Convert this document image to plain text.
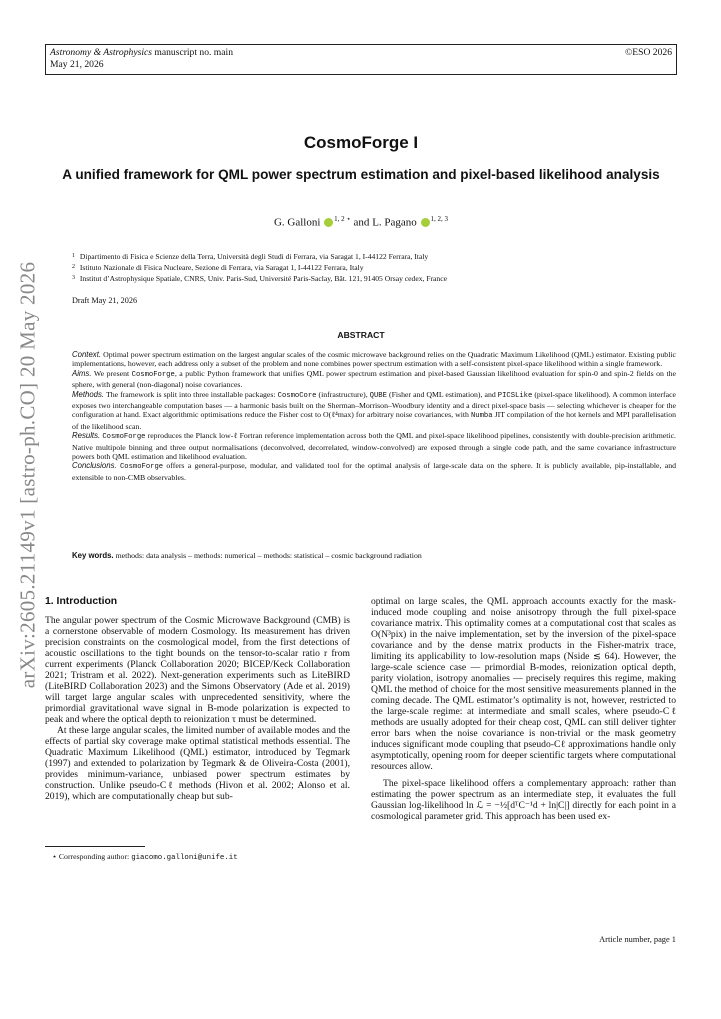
Astronomy & Astrophysics manuscript no. main
May 21, 2026
©ESO 2026
arXiv:2605.21149v1 [astro-ph.CO] 20 May 2026
CosmoForge I
A unified framework for QML power spectrum estimation and pixel-based likelihood analysis
G. Galloni $^{1, 2 ⋆}$ and L. Pagano $^{1, 2, 3}$
1 Dipartimento di Fisica e Scienze della Terra, Università degli Studi di Ferrara, via Saragat 1, I-44122 Ferrara, Italy
2 Istituto Nazionale di Fisica Nucleare, Sezione di Ferrara, via Saragat 1, I-44122 Ferrara, Italy
3 Institut d’Astrophysique Spatiale, CNRS, Univ. Paris-Sud, Université Paris-Saclay, Bât. 121, 91405 Orsay cedex, France
Draft May 21, 2026
ABSTRACT

Context. Optimal power spectrum estimation on the largest angular scales of the cosmic microwave background relies on the Quadratic Maximum Likelihood (QML) estimator. Existing public implementations, however, each address only a subset of the problem and none combines power spectrum estimation with a self-consistent pixel-space likelihood within a single framework.

Aims. We present CosmoForge, a public Python framework that unifies QML power spectrum estimation and pixel-based Gaussian likelihood evaluation for spin-0 and spin-2 fields on the sphere, with general (non-diagonal) noise covariances.

Methods. The framework is split into three installable packages: CosmoCore (infrastructure), QUBE (Fisher and QML estimation), and PICSLike (pixel-space likelihood). A common interface exposes two interchangeable computation bases — a harmonic basis built on the Sherman–Morrison–Woodbury identity and a direct pixel-space basis — selecting whichever is cheaper for the configuration at hand. Exact algorithmic optimisations reduce the Fisher cost to O(ℓ⁴max) for arbitrary noise covariances, with Numba JIT compilation of the hot kernels and MPI parallelisation of the likelihood scan.

Results. CosmoForge reproduces the Planck low-ℓ Fortran reference implementation across both the QML and pixel-space likelihood pipelines, consistently with double-precision arithmetic. Native multipole binning and three output normalisations (deconvolved, decorrelated, window-convolved) are exposed through a single code path, and the same covariance infrastructure powers both QML estimation and likelihood evaluation.

Conclusions. CosmoForge offers a general-purpose, modular, and validated tool for the optimal analysis of large-scale data on the sphere. It is publicly available, pip-installable, and extensible to non-CMB observables.

Key words. methods: data analysis – methods: numerical – methods: statistical – cosmic background radiation
1. Introduction

The angular power spectrum of the Cosmic Microwave Background (CMB) is a cornerstone observable of modern Cosmology. Its measurement has driven precision constraints on the cosmological model, from the first detections of acoustic oscillations to the tight bounds on the tensor-to-scalar ratio r from current experiments (Planck Collaboration 2020; BICEP/Keck Collaboration 2021; Tristram et al. 2022). Next-generation experiments such as LiteBIRD (LiteBIRD Collaboration 2023) and the Simons Observatory (Ade et al. 2019) will target large angular scales with unprecedented sensitivity, where the primordial gravitational wave signal in B-mode polarization is expected to peak and where the optical depth to reionization τ must be determined.

At these large angular scales, the limited number of available modes and the effects of partial sky coverage make optimal statistical methods essential. The Quadratic Maximum Likelihood (QML) estimator, introduced by Tegmark (1997) and extended to polarization by Tegmark & de Oliveira-Costa (2001), provides minimum-variance, unbiased power spectrum estimates by construction. Unlike pseudo-Cℓ methods (Hivon et al. 2002; Alonso et al. 2019), which are computationally cheap but sub-

optimal on large scales, the QML approach accounts exactly for the mask-induced mode coupling and noise anisotropy through the full pixel-space covariance matrix. This optimality comes at a computational cost that scales as O(N³pix) in the naive implementation, set by the inversion of the pixel-space covariance and by the dense matrix products in the Fisher-matrix trace, limiting its applicability to low-resolution maps (Nside ≲ 64). However, the large-scale science case — primordial B-modes, reionization optical depth, parity violation, isotropy anomalies — precisely requires this regime, making QML the method of choice for the most sensitive measurements planned in the coming decade. The QML estimator’s optimality is not, however, restricted to the large-scale regime: at intermediate and small scales, where pseudo-Cℓ methods are usually adopted for their cheap cost, QML can still deliver tighter error bars when the noise covariance is non-trivial or the mask geometry induces significant mode coupling that pseudo-Cℓ approximations handle only asymptotically, opening room for deeper scientific targets where computational resources allow.

The pixel-space likelihood offers a complementary approach: rather than estimating the power spectrum as an intermediate step, it evaluates the full Gaussian log-likelihood ln ℒ = −½[dᵀC⁻¹d + ln|C|] directly for each point in a cosmological parameter grid. This approach has been used ex-

⋆ Corresponding author: giacomo.galloni@unife.it
Article number, page 1
